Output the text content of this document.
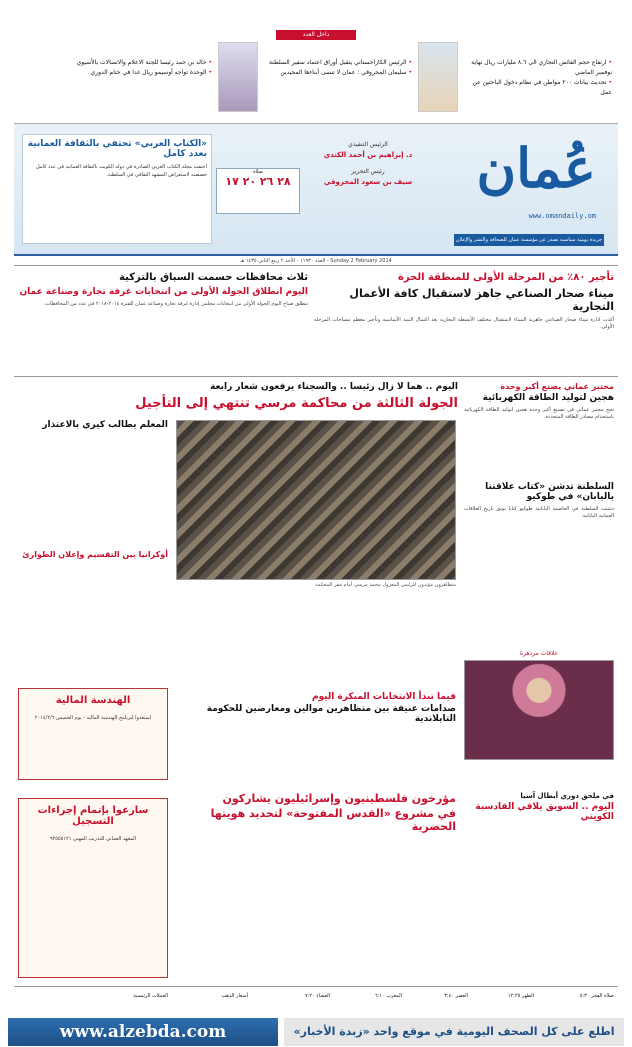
داخل العدد

• ارتفاع حجم الفائض التجاري الى ٨.٦ مليارات ريال نهاية نوفمبر الماضي

• تحديث بيانات ٢٠٠ مواطن في نظام دخول الباحثين عن عمل

• الرئيس الكازاخستاني يتقبل أوراق اعتماد سفير السلطنة

• سليمان المحروقي : عمان لا تنسى أبناءها المجيدين

• خالد بن حمد رئيسا للجنة الاعلام والاتصالات بالأسيوي

• الوحدة تواجه أوسيمو ريال غدا في ختام الدوري

عُمان
www.omandaily.om
جريدة يومية سياسية تصدر عن مؤسسة عمان للصحافة والنشر والإعلان
الرئيس التنفيذي
د. إبراهيم بن أحمد الكندي
رئيس التحرير
سيف بن سعود المحروقي
صلاة
٢٨ ٢٦ ٢٠ ١٧
«الكتاب العربي» تحتفي بالثقافة العمانية بعدد كامل

احتفت مجلة الكتاب العربي الصادرة في دولة الكويت بالثقافة العمانية في عدد كامل خصصته لاستعراض المشهد الثقافي في السلطنة.

Sunday 2 February 2014 - العدد ١١٩٣٠ - الأحد ٢ ربيع الثاني ١٤٣٥ هـ
تأجير ٨٠٪ من المرحلة الأولى للمنطقة الحرة
ميناء صحار الصناعي جاهز لاستقبال كافة الأعمال التجارية

أكدت ادارة ميناء صحار الصناعي جاهزية الميناء لاستقبال مختلف الأنشطة التجارية بعد اكتمال البنية الأساسية وتأجير معظم مساحات المرحلة الأولى.

ثلاث محافظات حسمت السباق بالتزكية
اليوم انطلاق الجولة الأولى من انتخابات غرفة تجارة وصناعة عمان

تنطلق صباح اليوم الجولة الأولى من انتخابات مجلس إدارة غرفة تجارة وصناعة عمان للفترة ٢٠١٤-٢٠١٨ في عدد من المحافظات.

مختبر عماني يصنع أكبر وحدة
هجين لتوليد الطاقة الكهربائية

نجح مختبر عماني في تصنيع أكبر وحدة هجين لتوليد الطاقة الكهربائية باستخدام مصادر الطاقة المتجددة.

السلطنة تدشن «كتاب علاقتنا باليابان» في طوكيو

دشنت السلطنة في العاصمة اليابانية طوكيو كتابا يوثق تاريخ العلاقات العمانية اليابانية.

علاقات مزدهرة
اليوم .. هما لا زال رئيسا .. والسجناء يرفعون شعار رابعة
الجولة الثالثة من محاكمة مرسي تنتهي إلى التأجيل
متظاهرون مؤيدون للرئيس المعزول محمد مرسي أمام مقر المحكمة
المعلم يطالب كيري بالاعتذار
أوكرانيا بين التقسيم وإعلان الطوارئ
فيما تبدأ الانتخابات المبكرة اليوم
صدامات عنيفة بين متظاهرين موالين ومعارضين للحكومة التايلاندية
الهندسة المالية

استعدوا لبرنامج الهندسة المالية - يوم الخميس ٢٠١٤/٢/٦

مؤرخون فلسطينيون وإسرائيليون يشاركون
في مشروع «القدس المفتوحة» لتحديد هويتها الحضرية
في ملحق دوري أبطال آسيا
اليوم .. السويق يلاقي القادسية الكويتي
سارعوا بإتمام إجراءات التسجيل

المعهد العماني للتدريب المهني ٩٢٥٥٥١٢١

صلاة الفجر ٥:٣٠
الظهر ١٢:٢٥
العصر ٣:٤٠
المغرب ٦:١٠
العشاء ٧:٢٠
أسعار الذهب
العملات الرئيسية
www.alzebda.com	اطلع على كل الصحف اليومية في موقع واحد «زبدة الأخبار»
